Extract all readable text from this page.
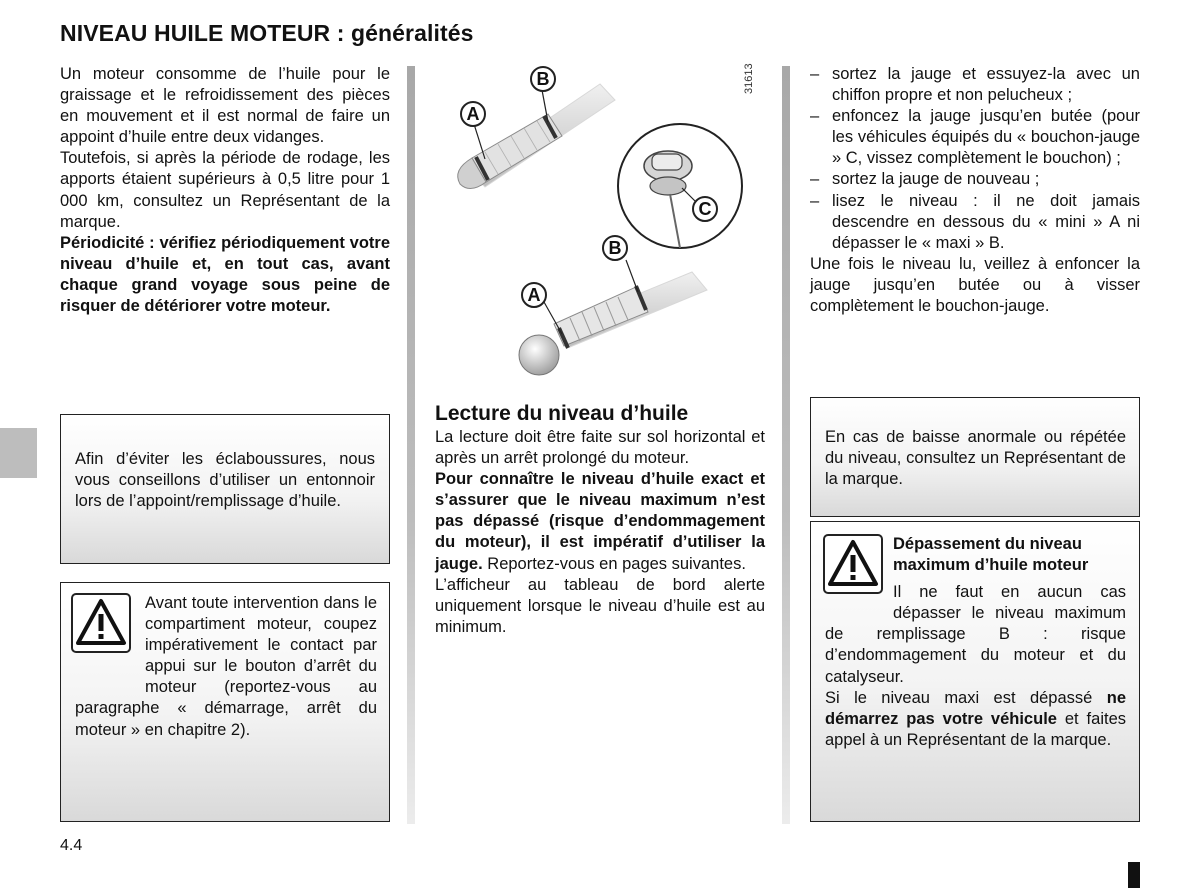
NIVEAU HUILE MOTEUR : généralités

Un moteur consomme de l’huile pour le graissage et le refroidissement des pièces en mouvement et il est normal de faire un appoint d’huile entre deux vidanges.

Toutefois, si après la période de rodage, les apports étaient supérieurs à 0,5 litre pour 1 000 km, consultez un Représentant de la marque.

Périodicité : vérifiez périodiquement votre niveau d’huile et, en tout cas, avant chaque grand voyage sous peine de risquer de détériorer votre moteur.

Afin d’éviter les éclaboussures, nous vous conseillons d’utiliser un entonnoir lors de l’appoint/remplissage d’huile.
Avant toute intervention dans le compartiment moteur, coupez impérativement le contact par appui sur le bouton d’arrêt du moteur (reportez-vous au paragraphe « démarrage, arrêt du moteur » en chapitre 2).
31613
A
B
C
A
B
Lecture du niveau d’huile

La lecture doit être faite sur sol horizontal et après un arrêt prolongé du moteur.

Pour connaître le niveau d’huile exact et s’assurer que le niveau maximum n’est pas dépassé (risque d’endommagement du moteur), il est impératif d’utiliser la jauge. Reportez-vous en pages suivantes.

L’afficheur au tableau de bord alerte uniquement lorsque le niveau d’huile est au minimum.

– sortez la jauge et essuyez-la avec un chiffon propre et non pelucheux ;
– enfoncez la jauge jusqu’en butée (pour les véhicules équipés du « bouchon-jauge » C, vissez complètement le bouchon) ;
– sortez la jauge de nouveau ;
– lisez le niveau : il ne doit jamais descendre en dessous du « mini » A ni dépasser le « maxi » B.

Une fois le niveau lu, veillez à enfoncer la jauge jusqu’en butée ou à visser complètement le bouchon-jauge.

En cas de baisse anormale ou répétée du niveau, consultez un Représentant de la marque.

Dépassement du niveau maximum d’huile moteur

Il ne faut en aucun cas dépasser le niveau maximum de remplissage B : risque d’endommagement du moteur et du catalyseur.

Si le niveau maxi est dépassé ne démarrez pas votre véhicule et faites appel à un Représentant de la marque.

4.4
